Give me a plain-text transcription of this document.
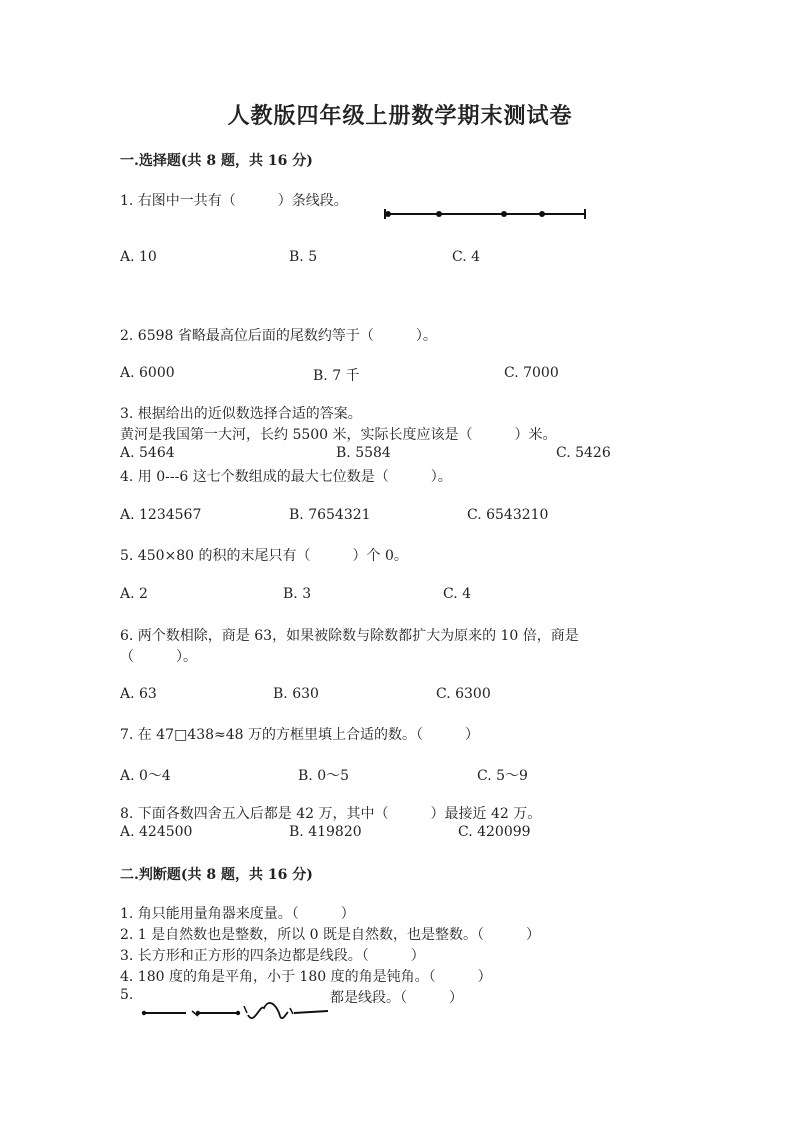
人教版四年级上册数学期末测试卷
一.选择题(共 8 题，共 16 分)
1. 右图中一共有（　　　）条线段。
A. 10	B. 5	C. 4
2. 6598 省略最高位后面的尾数约等于（　　　）。
A. 6000	B. 7 千	C. 7000
3. 根据给出的近似数选择合适的答案。
黄河是我国第一大河，长约 5500 米，实际长度应该是（　　　）米。
A. 5464	B. 5584	C. 5426
4. 用 0---6 这七个数组成的最大七位数是（　　　）。
A. 1234567	B. 7654321	C. 6543210
5. 450×80 的积的末尾只有（　　　）个 0。
A. 2	B. 3	C. 4
6. 两个数相除，商是 63，如果被除数与除数都扩大为原来的 10 倍，商是
（　　　）。
A. 63	B. 630	C. 6300
7. 在 47□438≈48 万的方框里填上合适的数。（　　　）
A. 0～4	B. 0～5	C. 5～9
8. 下面各数四舍五入后都是 42 万，其中（　　　）最接近 42 万。
A. 424500	B. 419820	C. 420099
二.判断题(共 8 题，共 16 分)
1. 角只能用量角器来度量。（　　　）
2. 1 是自然数也是整数，所以 0 既是自然数，也是整数。（　　　）
3. 长方形和正方形的四条边都是线段。（　　　）
4. 180 度的角是平角，小于 180 度的角是钝角。（　　　）
5.	都是线段。（　　　）
